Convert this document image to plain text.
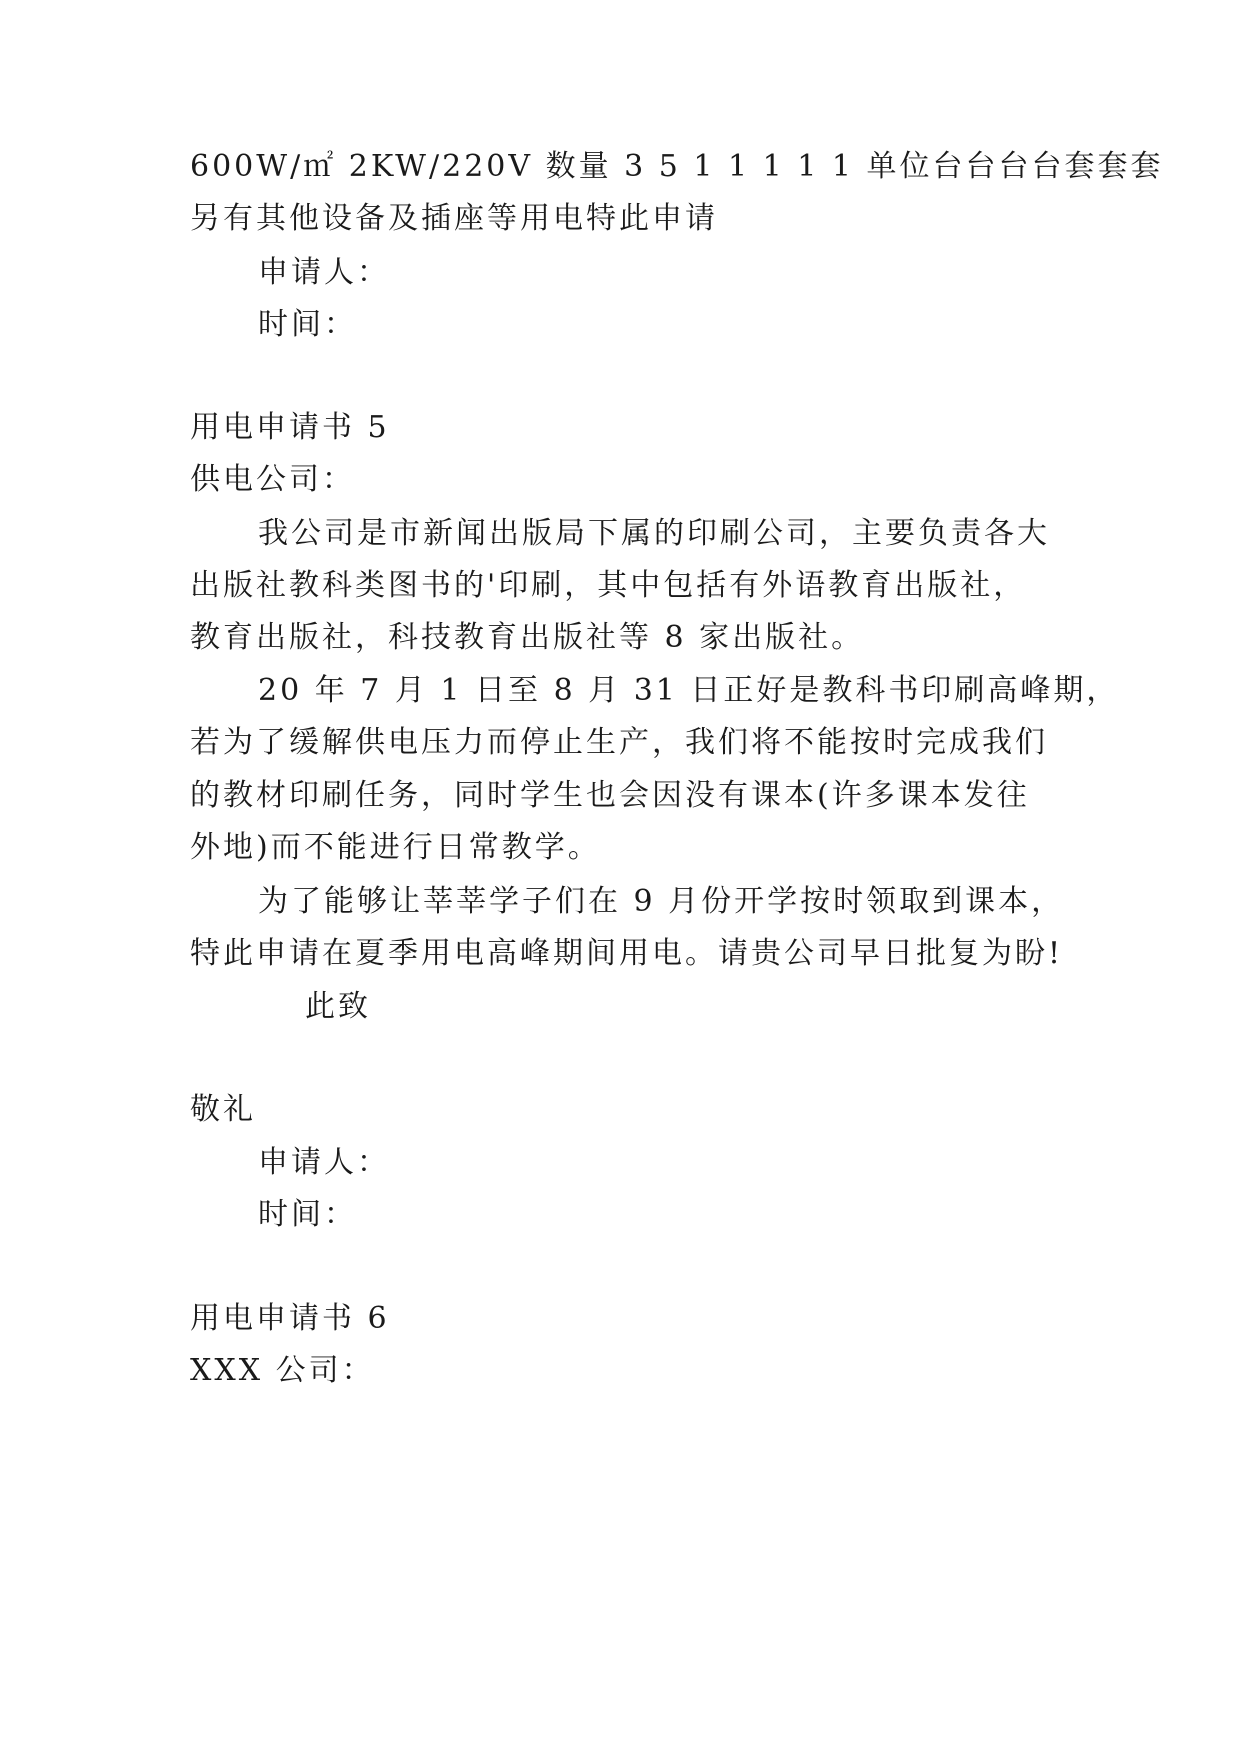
600W/㎡ 2KW/220V 数量 3 5 1 1 1 1 1 单位台台台台套套套
另有其他设备及插座等用电特此申请
申请人：
时间：
用电申请书 5
供电公司：
我公司是市新闻出版局下属的印刷公司，主要负责各大
出版社教科类图书的'印刷，其中包括有外语教育出版社，
教育出版社，科技教育出版社等 8 家出版社。
20 年 7 月 1 日至 8 月 31 日正好是教科书印刷高峰期，
若为了缓解供电压力而停止生产，我们将不能按时完成我们
的教材印刷任务，同时学生也会因没有课本(许多课本发往
外地)而不能进行日常教学。
为了能够让莘莘学子们在 9 月份开学按时领取到课本，
特此申请在夏季用电高峰期间用电。请贵公司早日批复为盼!
此致
敬礼
申请人：
时间：
用电申请书 6
XXX 公司：
